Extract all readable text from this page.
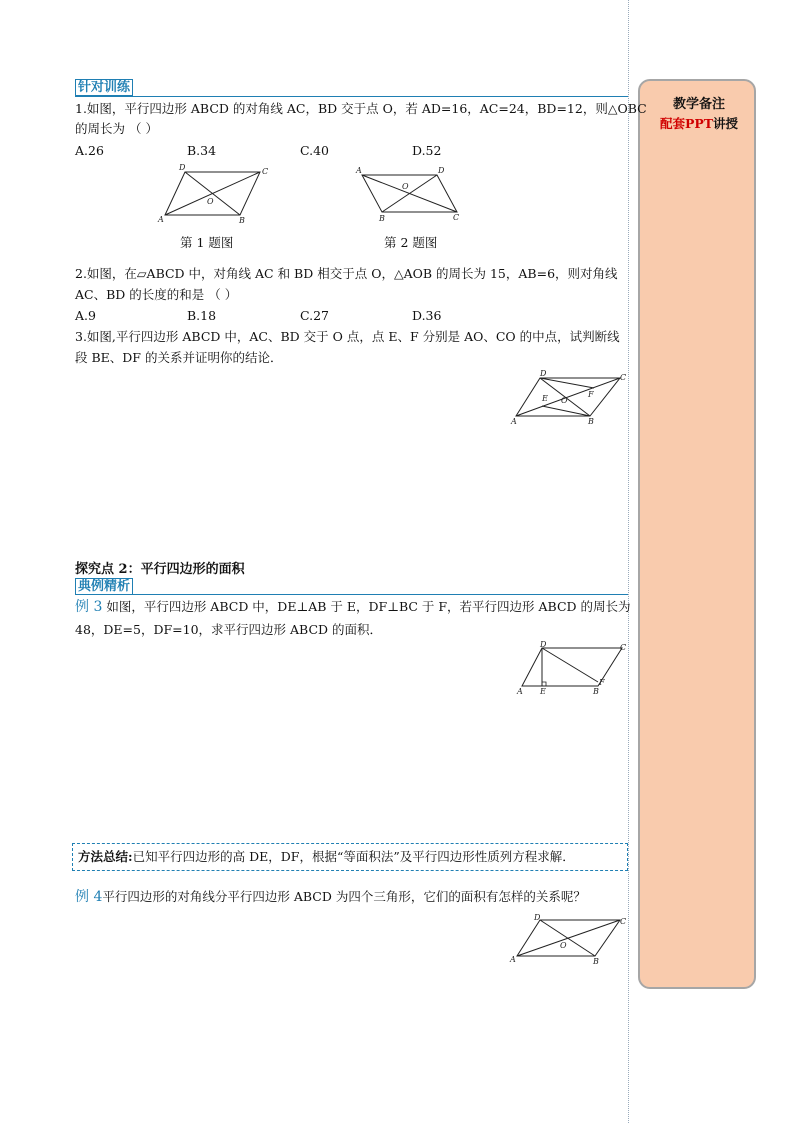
教学备注
配套PPT讲授
针对训练
1.如图，平行四边形 ABCD 的对角线 AC，BD 交于点 O，若 AD=16，AC=24，BD=12，则△OBC
的周长为 （ ）
A.26	B.34	C.40	D.52
D	C
A	B
O
A	D
B	C
O
第 1 题图	第 2 题图
2.如图，在▱ABCD 中，对角线 AC 和 BD 相交于点 O，△AOB 的周长为 15，AB=6，则对角线
AC、BD 的长度的和是 （ ）
A.9	B.18	C.27	D.36
3.如图,平行四边形 ABCD 中，AC、BD 交于 O 点，点 E、F 分别是 AO、CO 的中点，试判断线
段 BE、DF 的关系并证明你的结论．
D	C
A	B
E O
F
探究点 2：平行四边形的面积
典例精析
例 3 如图，平行四边形 ABCD 中，DE⊥AB 于 E，DF⊥BC 于 F，若平行四边形 ABCD 的周长为
48，DE=5，DF=10，求平行四边形 ABCD 的面积．
D	C
A E	B
F
方法总结:已知平行四边形的高 DE，DF，根据“等面积法”及平行四边形性质列方程求解．
例 4平行四边形的对角线分平行四边形 ABCD 为四个三角形，它们的面积有怎样的关系呢？
D	C
A	B
O
